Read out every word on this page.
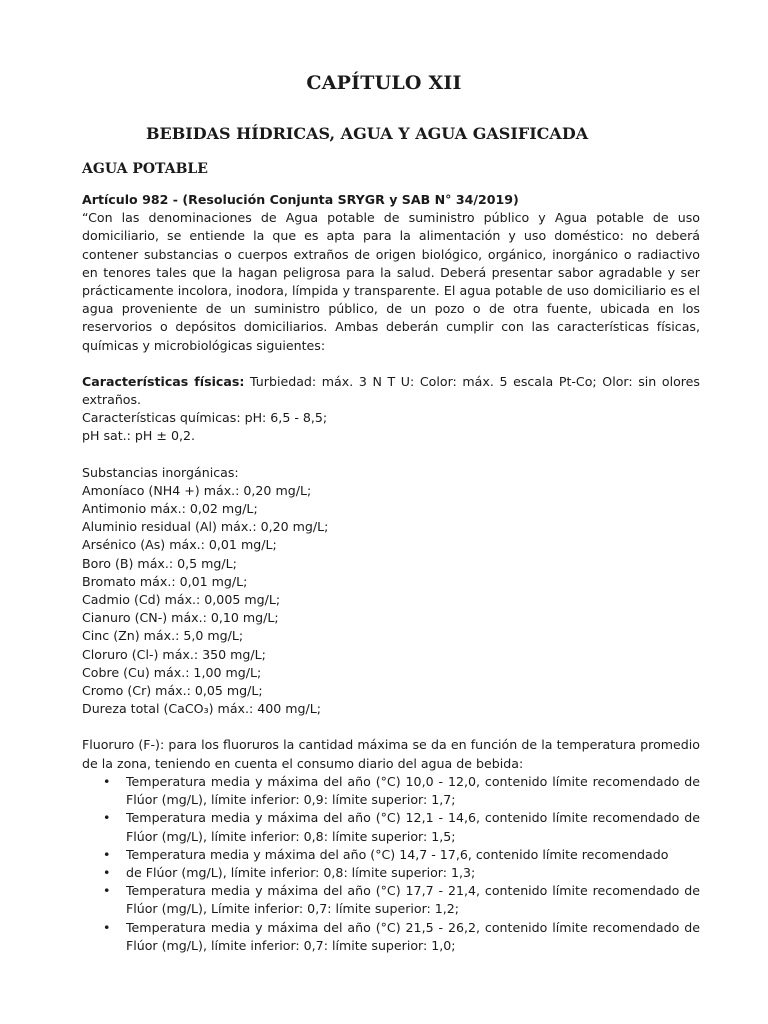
CAPÍTULO XII
BEBIDAS HÍDRICAS, AGUA Y AGUA GASIFICADA
AGUA POTABLE
Artículo 982 - (Resolución Conjunta SRYGR y SAB N° 34/2019)
“Con las denominaciones de Agua potable de suministro público y Agua potable de uso domiciliario, se entiende la que es apta para la alimentación y uso doméstico: no deberá contener substancias o cuerpos extraños de origen biológico, orgánico, inorgánico o radiactivo en tenores tales que la hagan peligrosa para la salud. Deberá presentar sabor agradable y ser prácticamente incolora, inodora, límpida y transparente. El agua potable de uso domiciliario es el agua proveniente de un suministro público, de un pozo o de otra fuente, ubicada en los reservorios o depósitos domiciliarios. Ambas deberán cumplir con las características físicas, químicas y microbiológicas siguientes:
Características físicas: Turbiedad: máx. 3 N T U: Color: máx. 5 escala Pt-Co; Olor: sin olores extraños.
Características químicas: pH: 6,5 - 8,5;
pH sat.: pH ± 0,2.
Substancias inorgánicas:
Amoníaco (NH4 +) máx.: 0,20 mg/L;
Antimonio máx.: 0,02 mg/L;
Aluminio residual (Al) máx.: 0,20 mg/L;
Arsénico (As) máx.: 0,01 mg/L;
Boro (B) máx.: 0,5 mg/L;
Bromato máx.: 0,01 mg/L;
Cadmio (Cd) máx.: 0,005 mg/L;
Cianuro (CN-) máx.: 0,10 mg/L;
Cinc (Zn) máx.: 5,0 mg/L;
Cloruro (Cl-) máx.: 350 mg/L;
Cobre (Cu) máx.: 1,00 mg/L;
Cromo (Cr) máx.: 0,05 mg/L;
Dureza total (CaCO₃) máx.: 400 mg/L;
Fluoruro (F-): para los fluoruros la cantidad máxima se da en función de la temperatura promedio de la zona, teniendo en cuenta el consumo diario del agua de bebida:
• Temperatura media y máxima del año (°C) 10,0 - 12,0, contenido límite recomendado de Flúor (mg/L), límite inferior: 0,9: límite superior: 1,7;
• Temperatura media y máxima del año (°C) 12,1 - 14,6, contenido límite recomendado de Flúor (mg/L), límite inferior: 0,8: límite superior: 1,5;
• Temperatura media y máxima del año (°C) 14,7 - 17,6, contenido límite recomendado
• de Flúor (mg/L), límite inferior: 0,8: límite superior: 1,3;
• Temperatura media y máxima del año (°C) 17,7 - 21,4, contenido límite recomendado de Flúor (mg/L), Límite inferior: 0,7: límite superior: 1,2;
• Temperatura media y máxima del año (°C) 21,5 - 26,2, contenido límite recomendado de Flúor (mg/L), límite inferior: 0,7: límite superior: 1,0;
